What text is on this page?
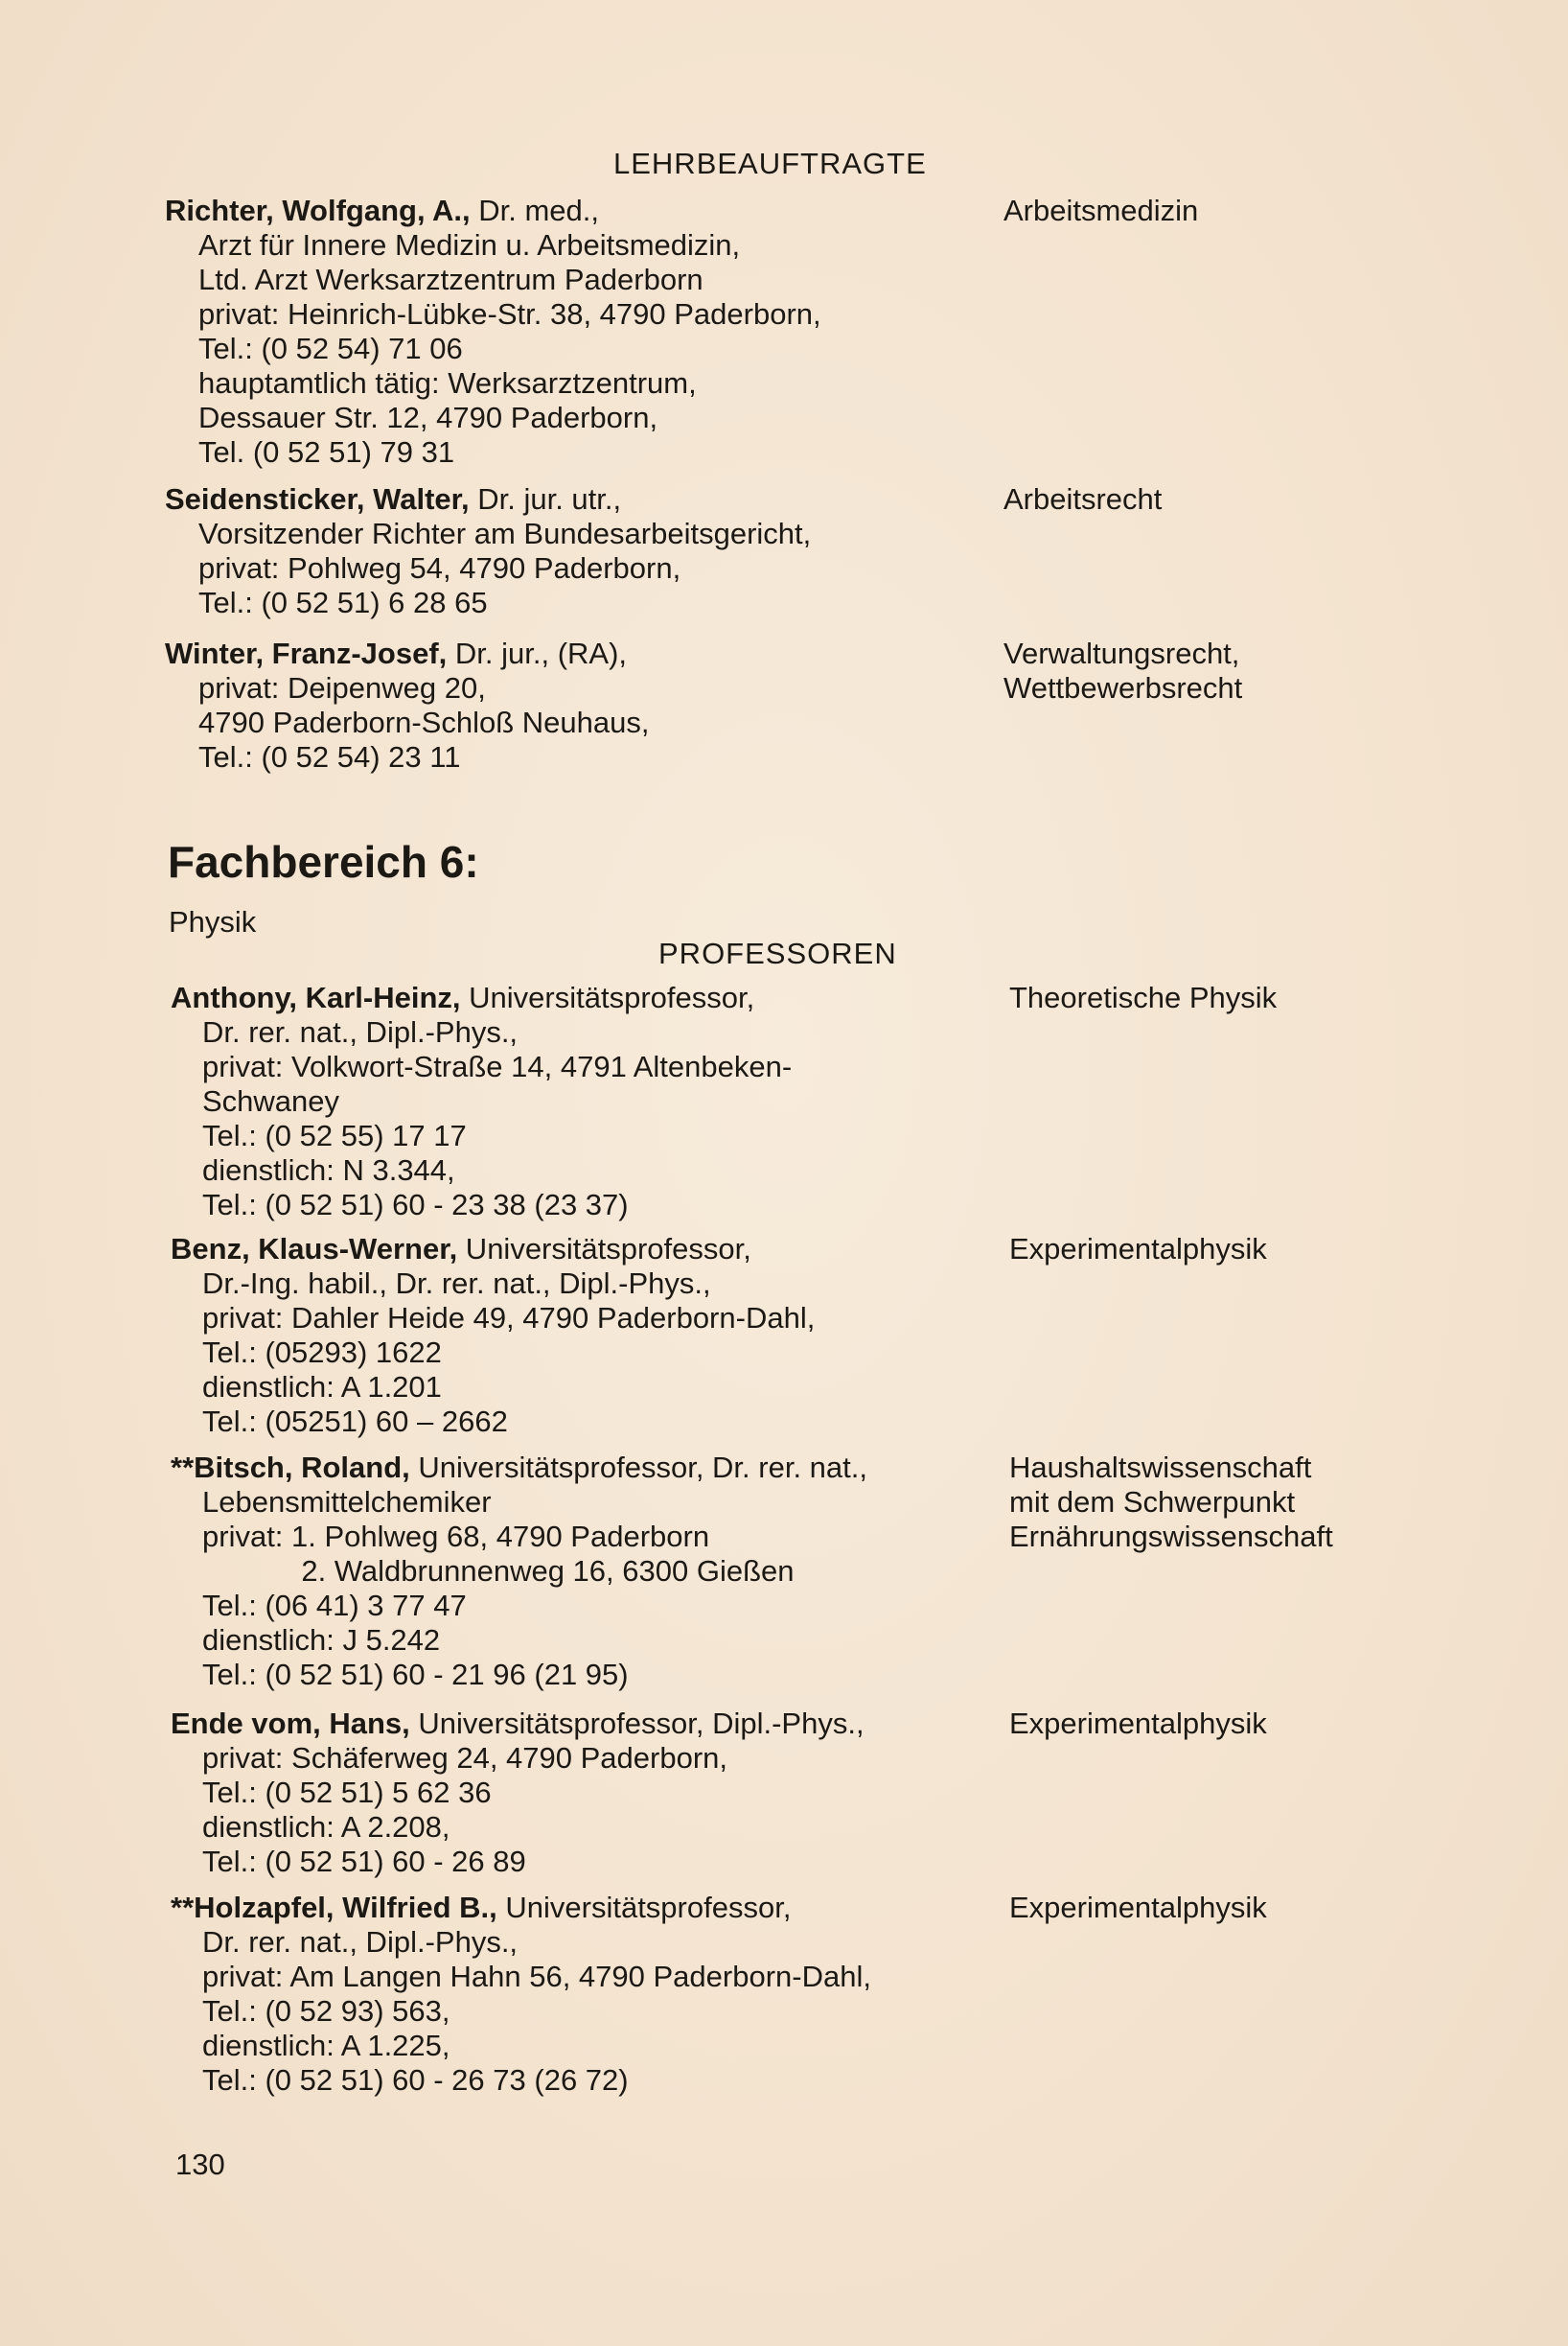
LEHRBEAUFTRAGTE
Richter, Wolfgang, A., Dr. med.,
Arzt für Innere Medizin u. Arbeitsmedizin,
Ltd. Arzt Werksarztzentrum Paderborn
privat: Heinrich-Lübke-Str. 38, 4790 Paderborn,
Tel.: (0 52 54) 71 06
hauptamtlich tätig: Werksarztzentrum,
Dessauer Str. 12, 4790 Paderborn,
Tel. (0 52 51) 79 31
Arbeitsmedizin
Seidensticker, Walter, Dr. jur. utr.,
Vorsitzender Richter am Bundesarbeitsgericht,
privat: Pohlweg 54, 4790 Paderborn,
Tel.: (0 52 51) 6 28 65
Arbeitsrecht
Winter, Franz-Josef, Dr. jur., (RA),
privat: Deipenweg 20,
4790 Paderborn-Schloß Neuhaus,
Tel.: (0 52 54) 23 11
Verwaltungsrecht,
Wettbewerbsrecht
Fachbereich 6:
Physik
PROFESSOREN
Anthony, Karl-Heinz, Universitätsprofessor,
Dr. rer. nat., Dipl.-Phys.,
privat: Volkwort-Straße 14, 4791 Altenbeken-
Schwaney
Tel.: (0 52 55) 17 17
dienstlich: N 3.344,
Tel.: (0 52 51) 60 - 23 38 (23 37)
Theoretische Physik
Benz, Klaus-Werner, Universitätsprofessor,
Dr.-Ing. habil., Dr. rer. nat., Dipl.-Phys.,
privat: Dahler Heide 49, 4790 Paderborn-Dahl,
Tel.: (05293) 1622
dienstlich: A 1.201
Tel.: (05251) 60 – 2662
Experimentalphysik
**Bitsch, Roland, Universitätsprofessor, Dr. rer. nat.,
Lebensmittelchemiker
privat: 1. Pohlweg 68, 4790 Paderborn
2. Waldbrunnenweg 16, 6300 Gießen
Tel.: (06 41) 3 77 47
dienstlich: J 5.242
Tel.: (0 52 51) 60 - 21 96 (21 95)
Haushaltswissenschaft
mit dem Schwerpunkt
Ernährungswissenschaft
Ende vom, Hans, Universitätsprofessor, Dipl.-Phys.,
privat: Schäferweg 24, 4790 Paderborn,
Tel.: (0 52 51) 5 62 36
dienstlich: A 2.208,
Tel.: (0 52 51) 60 - 26 89
Experimentalphysik
**Holzapfel, Wilfried B., Universitätsprofessor,
Dr. rer. nat., Dipl.-Phys.,
privat: Am Langen Hahn 56, 4790 Paderborn-Dahl,
Tel.: (0 52 93) 563,
dienstlich: A 1.225,
Tel.: (0 52 51) 60 - 26 73 (26 72)
Experimentalphysik
130
